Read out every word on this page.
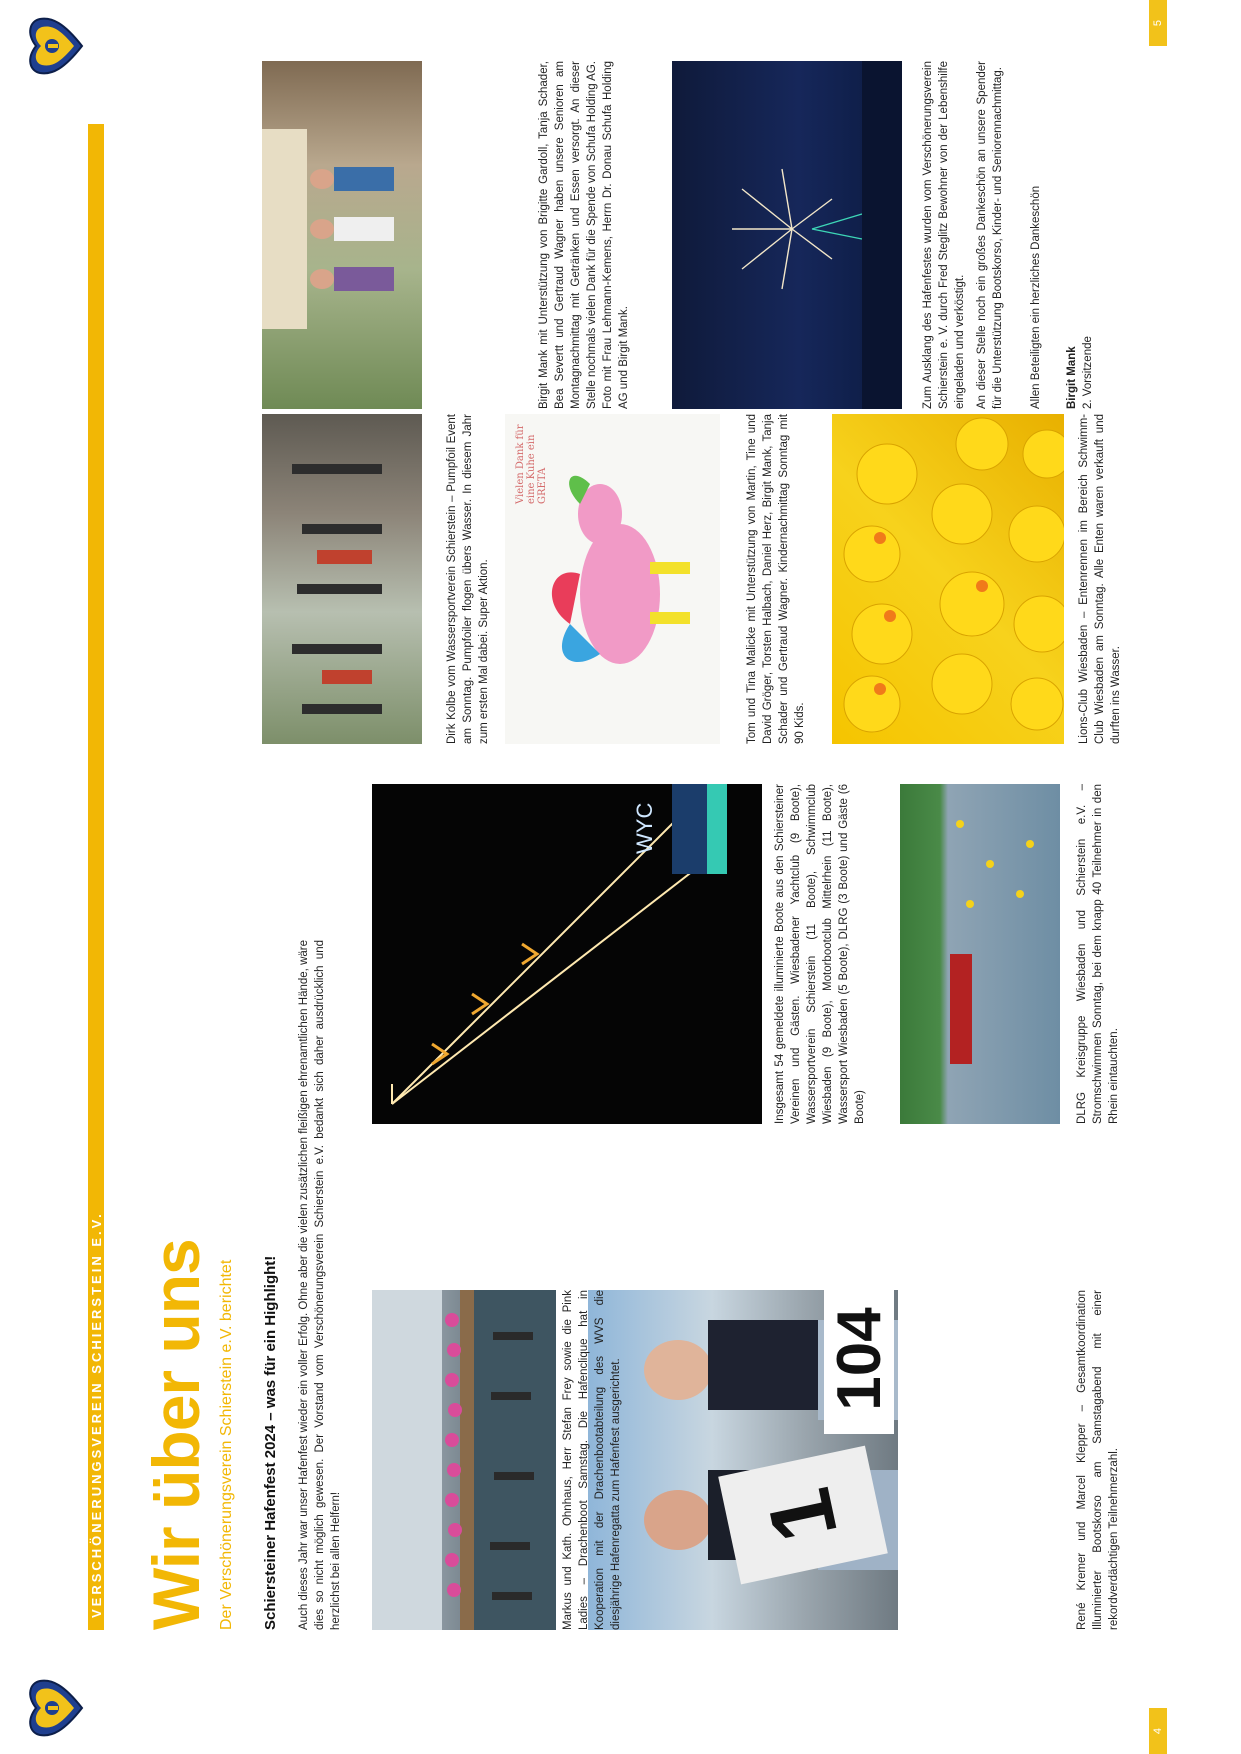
4
5
VERSCHÖNERUNGSVEREIN SCHIERSTEIN E.V. Wir über uns Der Verschönerungsverein Schierstein e.V. berichtet Schiersteiner Hafenfest 2024 – was für ein Highlight! Auch dieses Jahr war unser Hafenfest wieder ein voller Erfolg. Ohne aber die vielen zusätzlichen fleißigen ehrenamtlichen Hände, wäre dies so nicht möglich gewesen. Der Vorstand vom Verschönerungsverein Schierstein e.V. bedankt sich daher ausdrücklich und herzlichst bei allen Helfern!
WYC
1
104
Markus und Kath. Ohnhaus, Herr Stefan Frey sowie die Pink Ladies – Drachenboot Samstag. Die Hafenclique hat in Kooperation mit der Drachenbootabteilung des WVS die diesjährige Hafenregatta zum Hafenfest ausgerichtet.
Insgesamt 54 gemeldete illuminierte Boote aus den Schiersteiner Vereinen und Gästen. Wiesbadener Yachtclub (9 Boote), Wassersportverein Schierstein (11 Boote), Schwimmclub Wiesbaden (9 Boote), Motorbootclub Mittelrhein (11 Boote), Wassersport Wiesbaden (5 Boote), DLRG (3 Boote) und Gäste (6 Boote)
René Kremer und Marcel Klepper – Gesamtkoordination Illuminierter Bootskorso am Samstagabend mit einer rekordverdächtigen Teilnehmerzahl.
DLRG Kreisgruppe Wiesbaden und Schierstein e.V. – Stromschwimmen Sonntag, bei dem knapp 40 Teilnehmer in den Rhein eintauchten.
Dirk Kolbe vom Wassersportverein Schierstein – Pumpfoil Event am Sonntag. Pumpfoiler flogen übers Wasser. In diesem Jahr zum ersten Mal dabei. Super Aktion.
Birgit Mank mit Unterstützung von Brigitte Gardoll, Tanja Schader, Bea Severtt und Gertraud Wagner haben unsere Senioren am Montagnachmittag mit Getränken und Essen versorgt. An dieser Stelle nochmals vielen Dank für die Spende von Schufa Holding AG. Foto mit Frau Lehmann-Kemens, Herrn Dr. Donau Schufa Holding AG und Birgit Mank.
Vielen Dank für eine Kuhe ein GRETA	Tom und Tina Malicke mit Unterstützung von Martin, Tine und David Gröger, Torsten Halbach, Daniel Herz, Birgit Mank, Tanja Schader und Gertraud Wagner. Kindernachmittag Sonntag mit 90 Kids.	Lions-Club Wiesbaden – Entenrennen im Bereich Schwimm-Club Wiesbaden am Sonntag. Alle Enten waren verkauft und durften ins Wasser.
Zum Ausklang des Hafenfestes wurden vom Verschönerungsverein Schierstein e. V. durch Fred Steglitz Bewohner von der Lebenshilfe eingeladen und verköstigt. An dieser Stelle noch ein großes Dankeschön an unsere Spender für die Unterstützung Bootskorso, Kinder- und Seniorennachmittag. Allen Beteiligten ein herzliches Dankeschön Birgit Mank 2. Vorsitzende
